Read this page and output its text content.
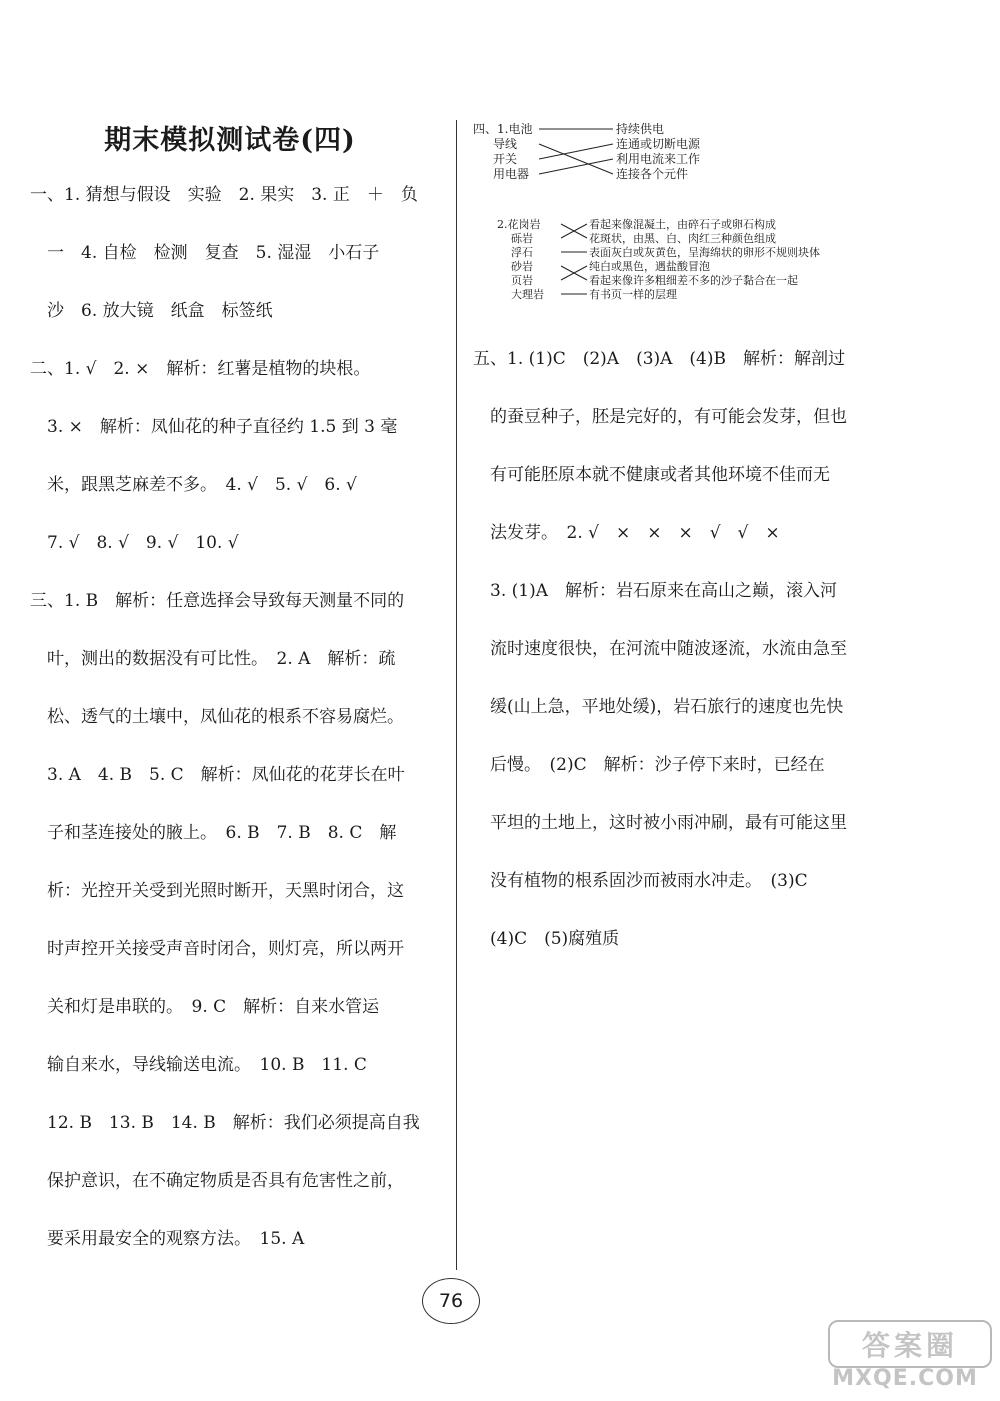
期末模拟测试卷(四)
一、1. 猜想与假设　实验　2. 果实　3. 正　＋　负
　一　4. 自检　检测　复查　5. 湿湿　小石子
　沙　6. 放大镜　纸盒　标签纸
二、1. √　2. ×　解析：红薯是植物的块根。
　3. ×　解析：凤仙花的种子直径约 1.5 到 3 毫
　米，跟黑芝麻差不多。　4. √　5. √　6. √
　7. √　8. √　9. √　10. √
三、1. B　解析：任意选择会导致每天测量不同的
　叶，测出的数据没有可比性。　2. A　解析：疏
　松、透气的土壤中，凤仙花的根系不容易腐烂。
　3. A　4. B　5. C　解析：凤仙花的花芽长在叶
　子和茎连接处的腋上。　6. B　7. B　8. C　解
　析：光控开关受到光照时断开，天黑时闭合，这
　时声控开关接受声音时闭合，则灯亮，所以两开
　关和灯是串联的。　9. C　解析：自来水管运
　输自来水，导线输送电流。　10. B　11. C
　12. B　13. B　14. B　解析：我们必须提高自我
　保护意识，在不确定物质是否具有危害性之前，
　要采用最安全的观察方法。　15. A
四、1.电池
导线
开关
用电器
持续供电
连通或切断电源
利用电流来工作
连接各个元件
2.花岗岩
砾岩
浮石
砂岩
页岩
大理岩
看起来像混凝土，由碎石子或卵石构成
花斑状，由黑、白、肉红三种颜色组成
表面灰白或灰黄色，呈海绵状的卵形不规则块体
纯白或黑色，遇盐酸冒泡
看起来像许多粗细差不多的沙子黏合在一起
有书页一样的层理
五、1. (1)C　(2)A　(3)A　(4)B　解析：解剖过
　的蚕豆种子，胚是完好的，有可能会发芽，但也
　有可能胚原本就不健康或者其他环境不佳而无
　法发芽。　2. √　×　×　×　√　√　×
　3. (1)A　解析：岩石原来在高山之巅，滚入河
　流时速度很快，在河流中随波逐流，水流由急至
　缓(山上急，平地处缓)，岩石旅行的速度也先快
　后慢。　(2)C　解析：沙子停下来时，已经在
　平坦的土地上，这时被小雨冲刷，最有可能这里
　没有植物的根系固沙而被雨水冲走。　(3)C
　(4)C　(5)腐殖质
76
答案圈
MXQE.COM
